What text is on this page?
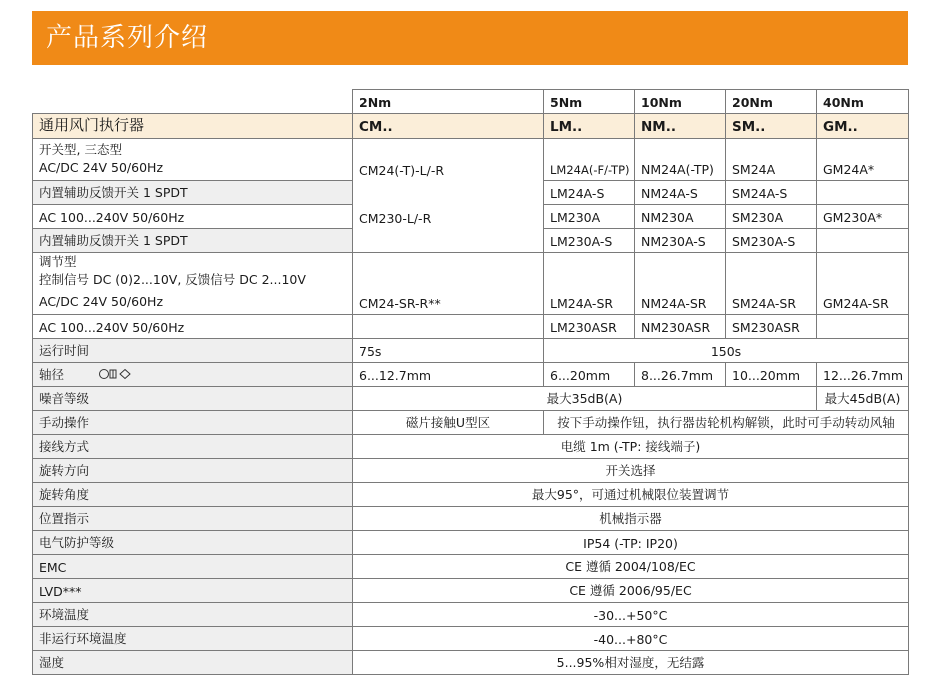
产品系列介绍
	2Nm	5Nm	10Nm	20Nm	40Nm
通用风门执行器	CM..	LM..	NM..	SM..	GM..

开关型, 三态型
AC/DC 24V 50/60Hz	CM24(-T)-L/-R	LM24A(-F/-TP)	NM24A(-TP)	SM24A	GM24A*
内置辅助反馈开关 1 SPDT		LM24A-S	NM24A-S	SM24A-S	
AC 100...240V 50/60Hz	CM230-L/-R	LM230A	NM230A	SM230A	GM230A*
内置辅助反馈开关 1 SPDT		LM230A-S	NM230A-S	SM230A-S	

调节型
控制信号 DC (0)2...10V, 反馈信号 DC 2...10V
AC/DC 24V 50/60Hz	CM24-SR-R**	LM24A-SR	NM24A-SR	SM24A-SR	GM24A-SR
AC 100...240V 50/60Hz		LM230ASR	NM230ASR	SM230ASR	
运行时间	75s	150s			
轴径	6...12.7mm	6...20mm	8...26.7mm	10...20mm	12...26.7mm
噪音等级	最大35dB(A)				最大45dB(A)
手动操作	磁片接触U型区	按下手动操作钮，执行器齿轮机构解锁，此时可手动转动风轴			
接线方式	电缆 1m (-TP: 接线端子)				
旋转方向	开关选择				
旋转角度	最大95°，可通过机械限位装置调节				
位置指示	机械指示器				
电气防护等级	IP54 (-TP: IP20)				
EMC	CE 遵循 2004/108/EC				
LVD***	CE 遵循 2006/95/EC				
环境温度	-30...+50°C				
非运行环境温度	-40...+80°C				
湿度	5...95%相对湿度，无结露				
